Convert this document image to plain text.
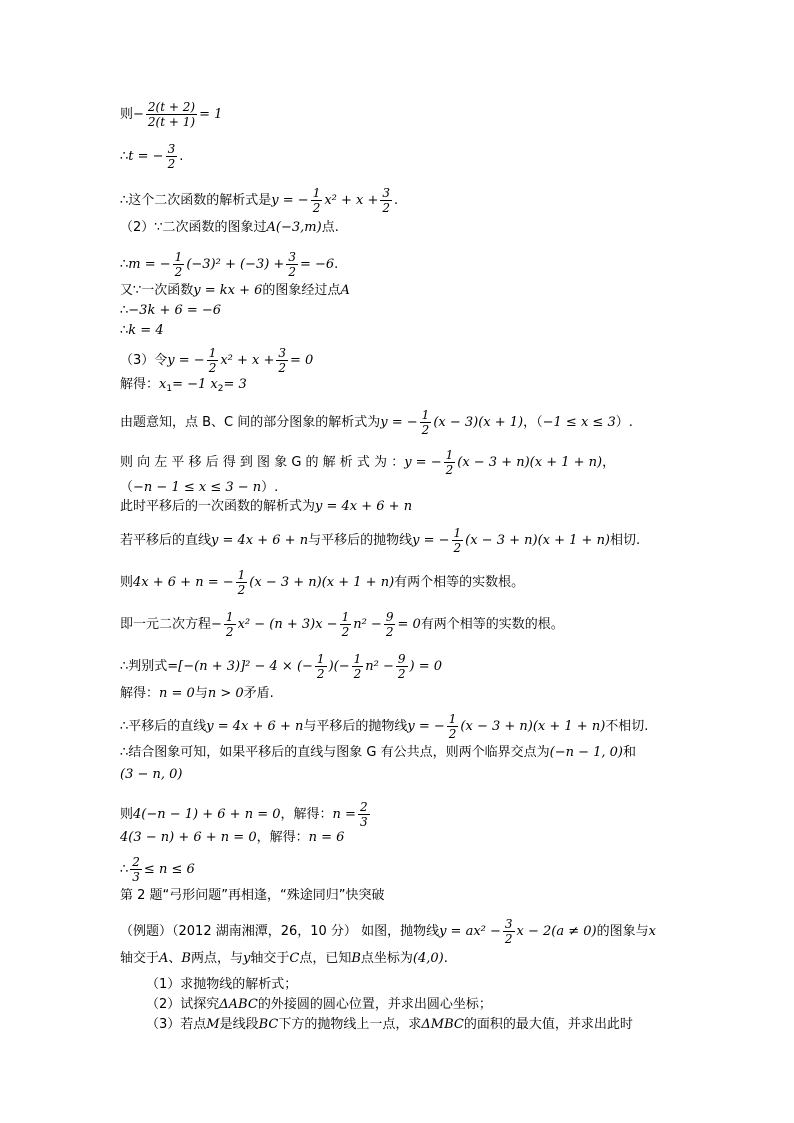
则− $\frac{2(t + 2)}{2(t + 1)} = 1$
∴t = − $\frac{3}{2}$ .
∴这个二次函数的解析式是y = − $\frac{1}{2} x^2 + x + \frac{3}{2}$ .
（2）∵二次函数的图象过A(−3,m)点.
∴m = − $\frac{1}{2} (-3)^2 + (-3) + \frac{3}{2} = -6$.
又∵一次函数y = kx + 6的图象经过点A
∴−3k + 6 = −6
∴k = 4
（3）令y = − $\frac{1}{2} x^2 + x + \frac{3}{2} = 0$
解得：$x_1= -1$ $x_2= 3$
由题意知，点 B、C 间的部分图象的解析式为y = − $\frac{1}{2} (x - 3)(x + 1)$，（−1 ≤ x ≤ 3）.
则 向 左 平 移 后 得 到 图 象 G 的 解 析 式 为 ：y = − $\frac{1}{2} (x - 3 + n)(x + 1 + n)$，
（−n − 1 ≤ x ≤ 3 − n）.
此时平移后的一次函数的解析式为y = 4x + 6 + n
若平移后的直线y = 4x + 6 + n与平移后的抛物线y = − $\frac{1}{2} (x - 3 + n)(x + 1 + n)$相切.
则4x + 6 + n = − $\frac{1}{2} (x - 3 + n)(x + 1 + n)$有两个相等的实数根。
即一元二次方程− $\frac{1}{2} x^2 - (n + 3)x - \frac{1}{2} n^2 - \frac{9}{2} = 0$有两个相等的实数的根。
∴判别式=[−(n + 3)]² − 4 × (− $\frac{1}{2}$ )(− $\frac{1}{2} n^2 - \frac{9}{2}$ ) = 0
解得：n = 0与n > 0矛盾.
∴平移后的直线y = 4x + 6 + n与平移后的抛物线y = − $\frac{1}{2} (x - 3 + n)(x + 1 + n)$不相切.
∴结合图象可知，如果平移后的直线与图象 G 有公共点，则两个临界交点为(−n − 1, 0)和
(3 − n, 0)
则4(−n − 1) + 6 + n = 0，解得：$n = \frac{2}{3}$
4(3 − n) + 6 + n = 0，解得：n = 6
∴ $\frac{2}{3} \le n \le 6$
第 2 题“弓形问题”再相逢，“殊途同归”快突破
（例题）（2012 湖南湘潭，26，10 分） 如图，抛物线$y = ax^2 - \frac{3}{2}$ x − 2(a ≠ 0)的图象与x
轴交于A、B两点，与y轴交于C点，已知B点坐标为(4,0).
（1）求抛物线的解析式；
（2）试探究ΔABC的外接圆的圆心位置，并求出圆心坐标；
（3）若点M是线段BC下方的抛物线上一点，求ΔMBC的面积的最大值，并求出此时
